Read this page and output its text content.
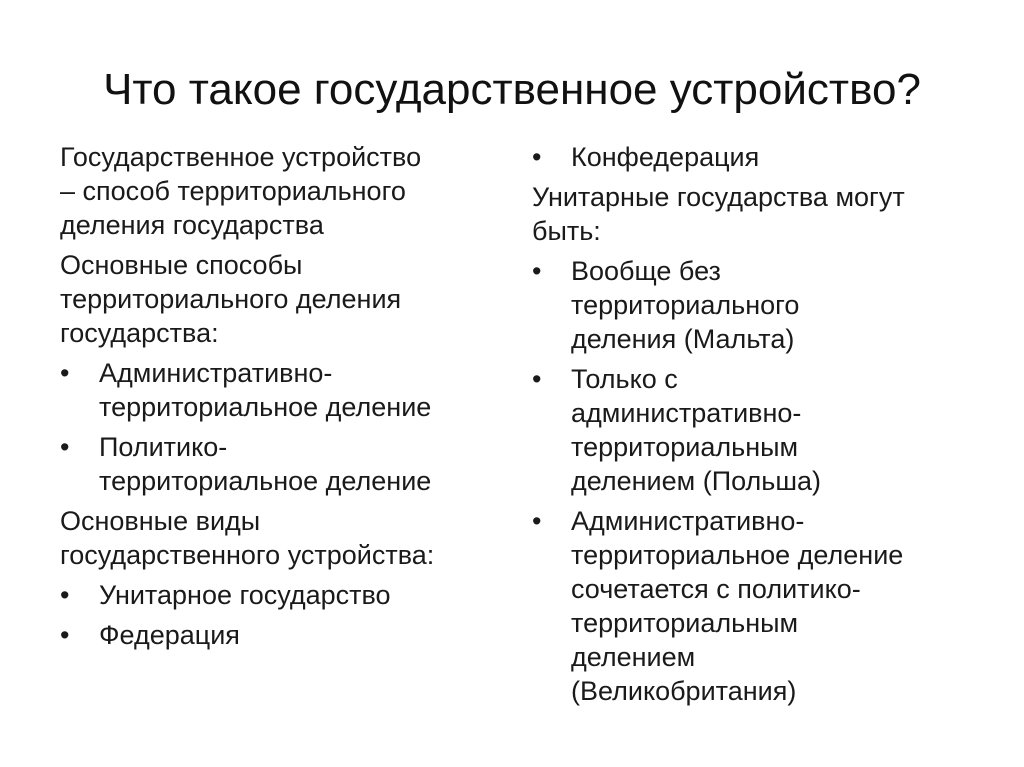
Что такое государственное устройство?
Государственное устройство
– способ территориального
деления государства
Основные способы
территориального деления
государства:
•	Административно-
территориальное деление
•	Политико-
территориальное деление
Основные виды
государственного устройства:
•	Унитарное государство
•	Федерация
•	Конфедерация
Унитарные государства могут
быть:
•	Вообще без
территориального
деления (Мальта)
•	Только с
административно-
территориальным
делением (Польша)
•	Административно-
территориальное деление
сочетается с политико-
территориальным
делением
(Великобритания)
